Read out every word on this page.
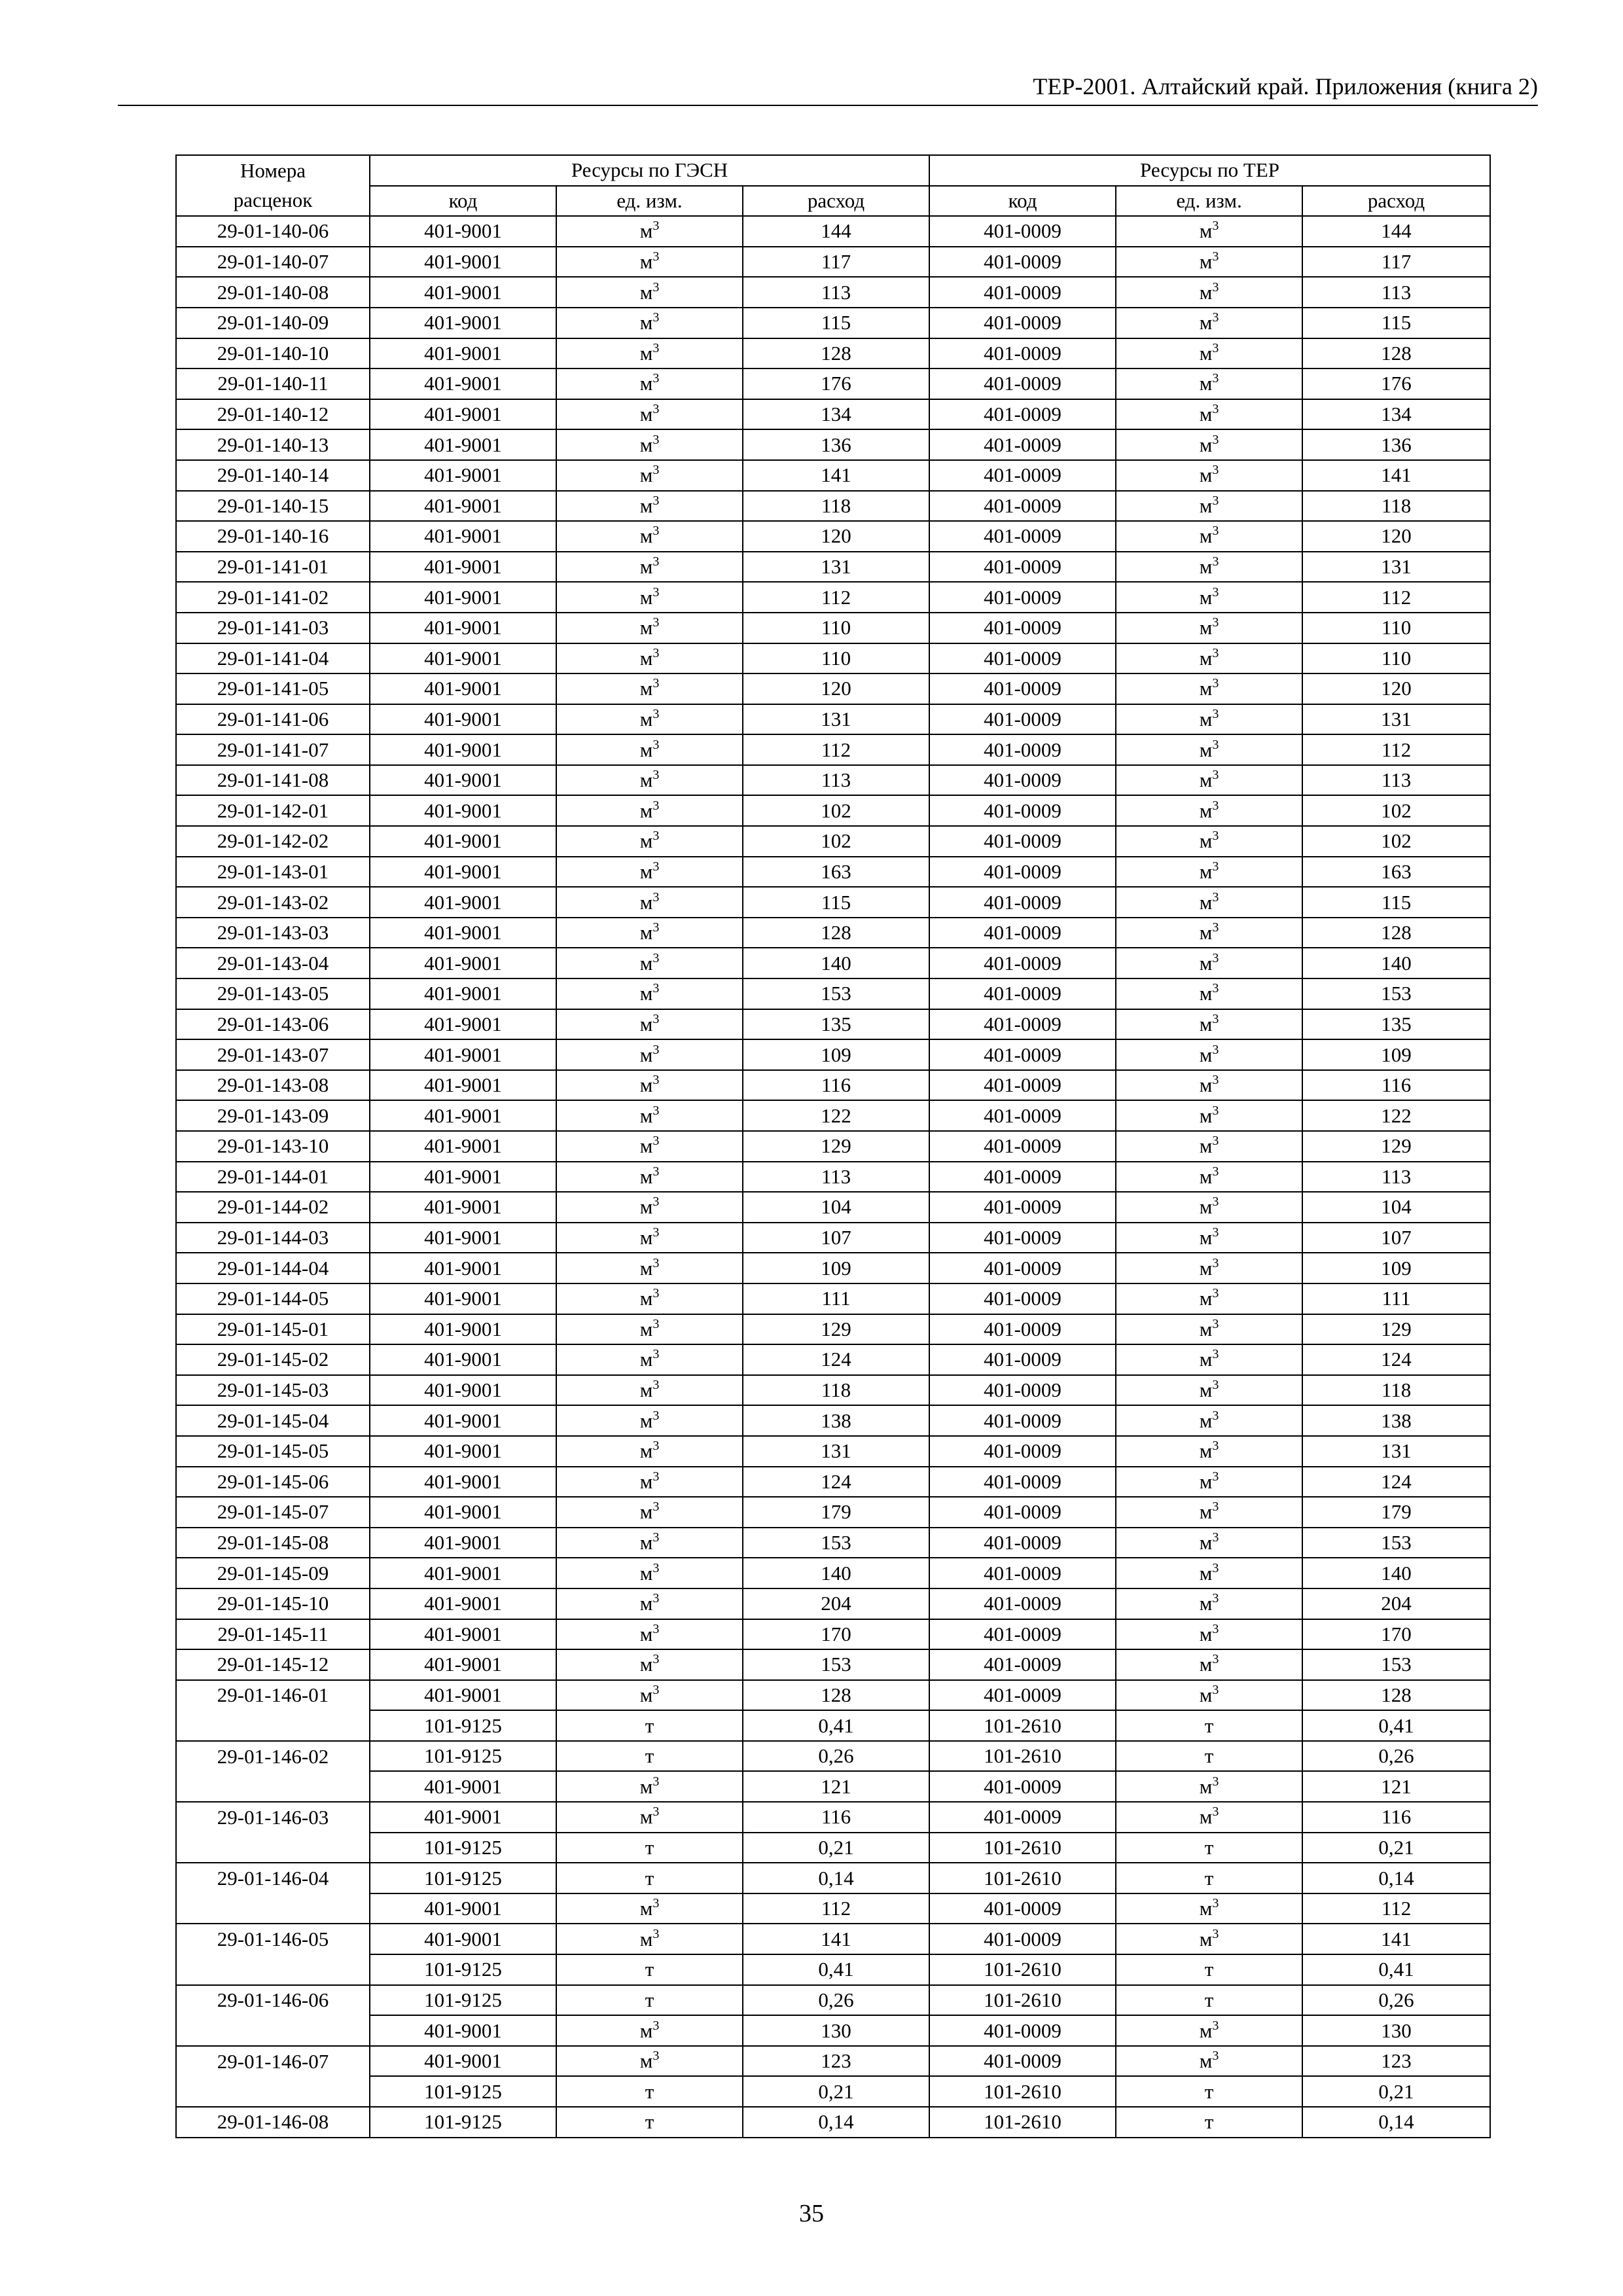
ТЕР-2001. Алтайский край. Приложения (книга 2)
Номера	Ресурсы по ГЭСН			Ресурсы по ТЕР		
расценок	код	ед. изм.	расход	код	ед. изм.	расход
29-01-140-06	401-9001	$м^3$	144	401-0009	$м^3$	144
29-01-140-07	401-9001	$м^3$	117	401-0009	$м^3$	117
29-01-140-08	401-9001	$м^3$	113	401-0009	$м^3$	113
29-01-140-09	401-9001	$м^3$	115	401-0009	$м^3$	115
29-01-140-10	401-9001	$м^3$	128	401-0009	$м^3$	128
29-01-140-11	401-9001	$м^3$	176	401-0009	$м^3$	176
29-01-140-12	401-9001	$м^3$	134	401-0009	$м^3$	134
29-01-140-13	401-9001	$м^3$	136	401-0009	$м^3$	136
29-01-140-14	401-9001	$м^3$	141	401-0009	$м^3$	141
29-01-140-15	401-9001	$м^3$	118	401-0009	$м^3$	118
29-01-140-16	401-9001	$м^3$	120	401-0009	$м^3$	120
29-01-141-01	401-9001	$м^3$	131	401-0009	$м^3$	131
29-01-141-02	401-9001	$м^3$	112	401-0009	$м^3$	112
29-01-141-03	401-9001	$м^3$	110	401-0009	$м^3$	110
29-01-141-04	401-9001	$м^3$	110	401-0009	$м^3$	110
29-01-141-05	401-9001	$м^3$	120	401-0009	$м^3$	120
29-01-141-06	401-9001	$м^3$	131	401-0009	$м^3$	131
29-01-141-07	401-9001	$м^3$	112	401-0009	$м^3$	112
29-01-141-08	401-9001	$м^3$	113	401-0009	$м^3$	113
29-01-142-01	401-9001	$м^3$	102	401-0009	$м^3$	102
29-01-142-02	401-9001	$м^3$	102	401-0009	$м^3$	102
29-01-143-01	401-9001	$м^3$	163	401-0009	$м^3$	163
29-01-143-02	401-9001	$м^3$	115	401-0009	$м^3$	115
29-01-143-03	401-9001	$м^3$	128	401-0009	$м^3$	128
29-01-143-04	401-9001	$м^3$	140	401-0009	$м^3$	140
29-01-143-05	401-9001	$м^3$	153	401-0009	$м^3$	153
29-01-143-06	401-9001	$м^3$	135	401-0009	$м^3$	135
29-01-143-07	401-9001	$м^3$	109	401-0009	$м^3$	109
29-01-143-08	401-9001	$м^3$	116	401-0009	$м^3$	116
29-01-143-09	401-9001	$м^3$	122	401-0009	$м^3$	122
29-01-143-10	401-9001	$м^3$	129	401-0009	$м^3$	129
29-01-144-01	401-9001	$м^3$	113	401-0009	$м^3$	113
29-01-144-02	401-9001	$м^3$	104	401-0009	$м^3$	104
29-01-144-03	401-9001	$м^3$	107	401-0009	$м^3$	107
29-01-144-04	401-9001	$м^3$	109	401-0009	$м^3$	109
29-01-144-05	401-9001	$м^3$	111	401-0009	$м^3$	111
29-01-145-01	401-9001	$м^3$	129	401-0009	$м^3$	129
29-01-145-02	401-9001	$м^3$	124	401-0009	$м^3$	124
29-01-145-03	401-9001	$м^3$	118	401-0009	$м^3$	118
29-01-145-04	401-9001	$м^3$	138	401-0009	$м^3$	138
29-01-145-05	401-9001	$м^3$	131	401-0009	$м^3$	131
29-01-145-06	401-9001	$м^3$	124	401-0009	$м^3$	124
29-01-145-07	401-9001	$м^3$	179	401-0009	$м^3$	179
29-01-145-08	401-9001	$м^3$	153	401-0009	$м^3$	153
29-01-145-09	401-9001	$м^3$	140	401-0009	$м^3$	140
29-01-145-10	401-9001	$м^3$	204	401-0009	$м^3$	204
29-01-145-11	401-9001	$м^3$	170	401-0009	$м^3$	170
29-01-145-12	401-9001	$м^3$	153	401-0009	$м^3$	153
29-01-146-01	401-9001	$м^3$	128	401-0009	$м^3$	128
	101-9125	т	0,41	101-2610	т	0,41
29-01-146-02	101-9125	т	0,26	101-2610	т	0,26
	401-9001	$м^3$	121	401-0009	$м^3$	121
29-01-146-03	401-9001	$м^3$	116	401-0009	$м^3$	116
	101-9125	т	0,21	101-2610	т	0,21
29-01-146-04	101-9125	т	0,14	101-2610	т	0,14
	401-9001	$м^3$	112	401-0009	$м^3$	112
29-01-146-05	401-9001	$м^3$	141	401-0009	$м^3$	141
	101-9125	т	0,41	101-2610	т	0,41
29-01-146-06	101-9125	т	0,26	101-2610	т	0,26
	401-9001	$м^3$	130	401-0009	$м^3$	130
29-01-146-07	401-9001	$м^3$	123	401-0009	$м^3$	123
	101-9125	т	0,21	101-2610	т	0,21
29-01-146-08	101-9125	т	0,14	101-2610	т	0,14
35
